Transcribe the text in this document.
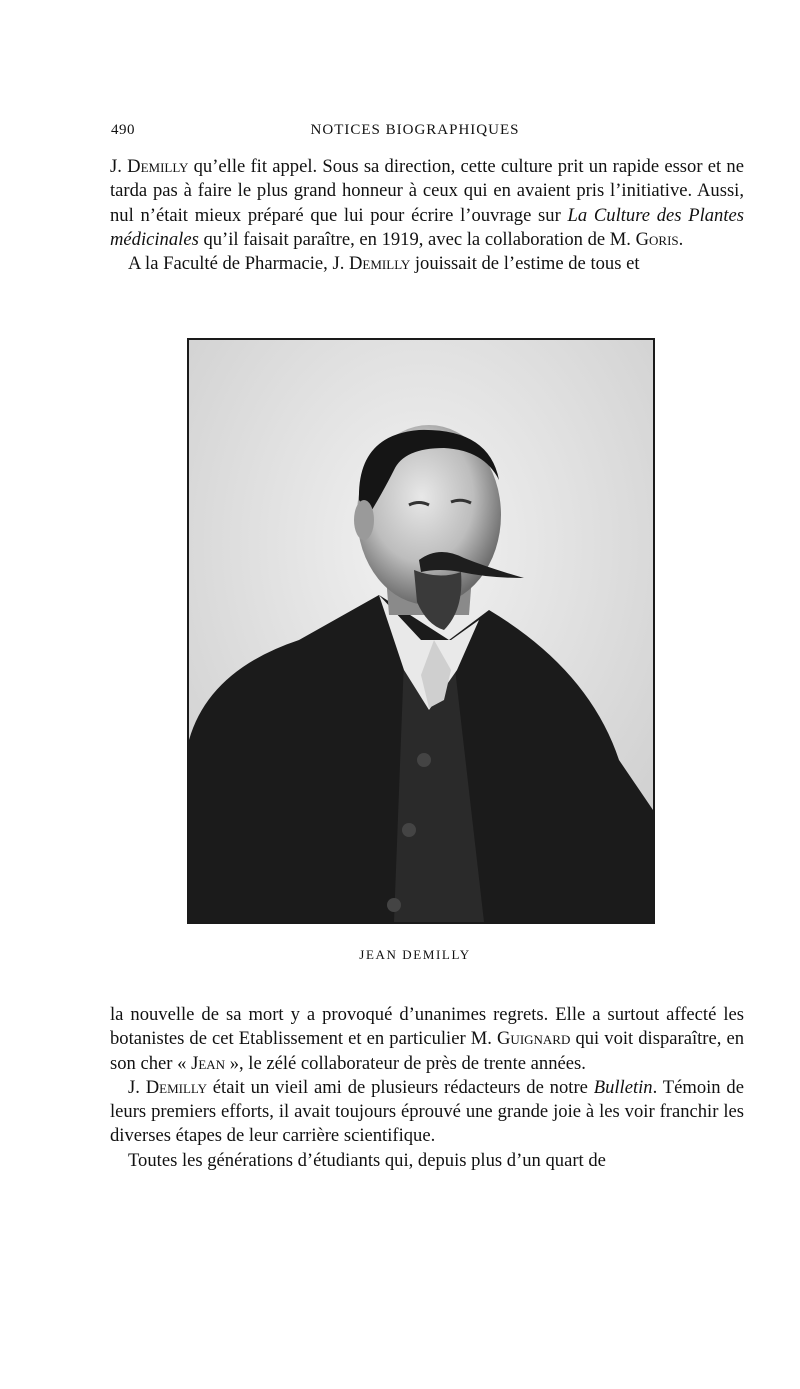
490	NOTICES BIOGRAPHIQUES

J. Demilly qu’elle fit appel. Sous sa direction, cette culture prit un rapide essor et ne tarda pas à faire le plus grand honneur à ceux qui en avaient pris l’initiative. Aussi, nul n’était mieux préparé que lui pour écrire l’ouvrage sur La Culture des Plantes médicinales qu’il faisait paraître, en 1919, avec la collaboration de M. Goris.

A la Faculté de Pharmacie, J. Demilly jouissait de l’estime de tous et

JEAN DEMILLY

la nouvelle de sa mort y a provoqué d’unanimes regrets. Elle a surtout affecté les botanistes de cet Etablissement et en particulier M. Guignard qui voit disparaître, en son cher « Jean », le zélé collaborateur de près de trente années.

J. Demilly était un vieil ami de plusieurs rédacteurs de notre Bulletin. Témoin de leurs premiers efforts, il avait toujours éprouvé une grande joie à les voir franchir les diverses étapes de leur carrière scientifique.

Toutes les générations d’étudiants qui, depuis plus d’un quart de
